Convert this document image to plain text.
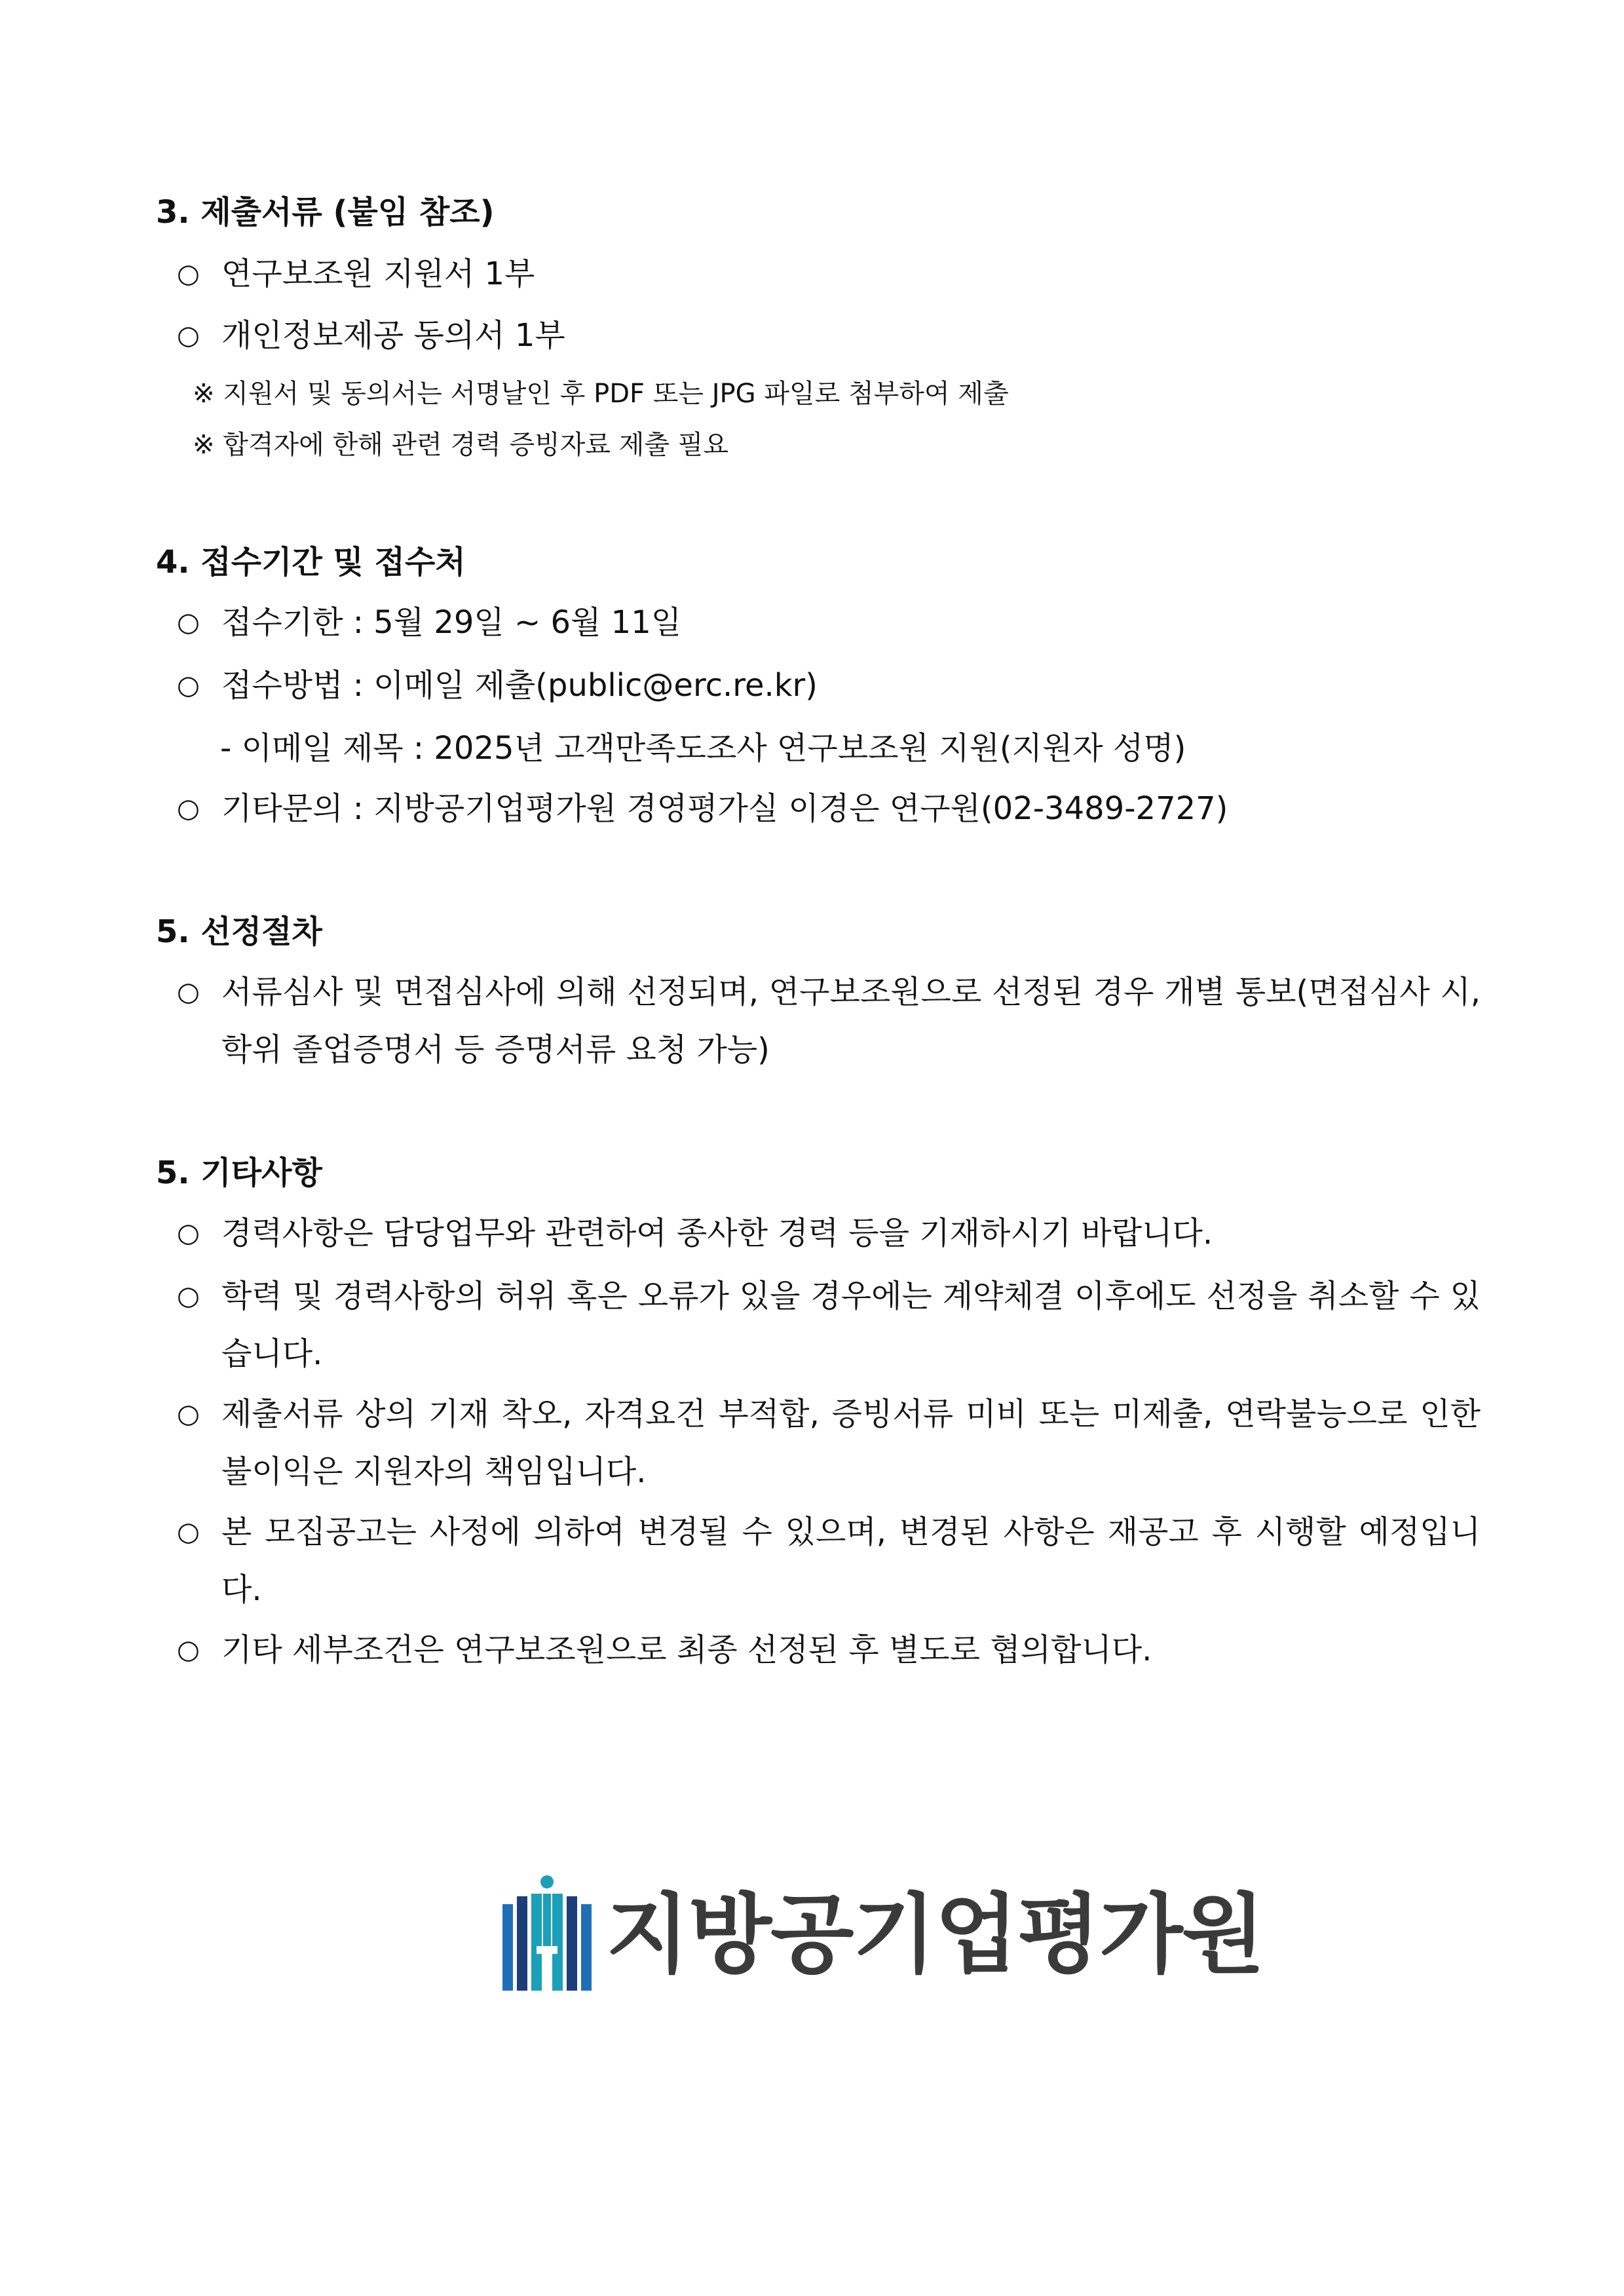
3. 제출서류 (붙임 참조)
○ 연구보조원 지원서 1부
○ 개인정보제공 동의서 1부
※ 지원서 및 동의서는 서명날인 후 PDF 또는 JPG 파일로 첨부하여 제출
※ 합격자에 한해 관련 경력 증빙자료 제출 필요
4. 접수기간 및 접수처
○ 접수기한 : 5월 29일 ~ 6월 11일
○ 접수방법 : 이메일 제출(public@erc.re.kr)
- 이메일 제목 : 2025년 고객만족도조사 연구보조원 지원(지원자 성명)
○ 기타문의 : 지방공기업평가원 경영평가실 이경은 연구원(02-3489-2727)
5. 선정절차
○ 서류심사 및 면접심사에 의해 선정되며, 연구보조원으로 선정된 경우 개별 통보(면접심사 시, 학위 졸업증명서 등 증명서류 요청 가능)
5. 기타사항
○ 경력사항은 담당업무와 관련하여 종사한 경력 등을 기재하시기 바랍니다.
○ 학력 및 경력사항의 허위 혹은 오류가 있을 경우에는 계약체결 이후에도 선정을 취소할 수 있습니다.
○ 제출서류 상의 기재 착오, 자격요건 부적합, 증빙서류 미비 또는 미제출, 연락불능으로 인한 불이익은 지원자의 책임입니다.
○ 본 모집공고는 사정에 의하여 변경될 수 있으며, 변경된 사항은 재공고 후 시행할 예정입니다.
○ 기타 세부조건은 연구보조원으로 최종 선정된 후 별도로 협의합니다.
지방공기업평가원
